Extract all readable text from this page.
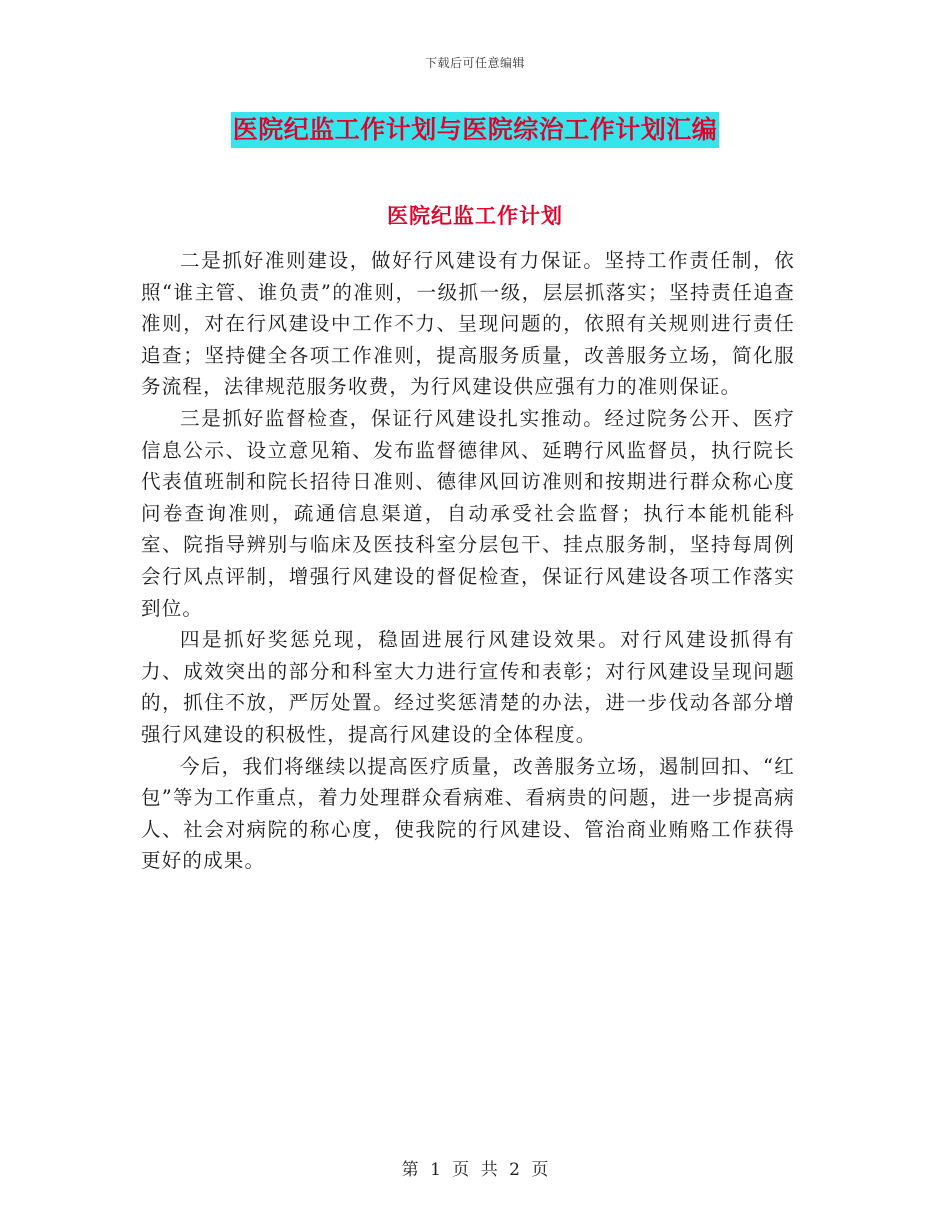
下载后可任意编辑
医院纪监工作计划与医院综治工作计划汇编
医院纪监工作计划

二是抓好准则建设，做好行风建设有力保证。坚持工作责任制，依照“谁主管、谁负责”的准则，一级抓一级，层层抓落实；坚持责任追查准则，对在行风建设中工作不力、呈现问题的，依照有关规则进行责任追查；坚持健全各项工作准则，提高服务质量，改善服务立场，简化服务流程，法律规范服务收费，为行风建设供应强有力的准则保证。

三是抓好监督检查，保证行风建设扎实推动。经过院务公开、医疗信息公示、设立意见箱、发布监督德律风、延聘行风监督员，执行院长代表值班制和院长招待日准则、德律风回访准则和按期进行群众称心度问卷查询准则，疏通信息渠道，自动承受社会监督；执行本能机能科室、院指导辨别与临床及医技科室分层包干、挂点服务制，坚持每周例会行风点评制，增强行风建设的督促检查，保证行风建设各项工作落实到位。

四是抓好奖惩兑现，稳固进展行风建设效果。对行风建设抓得有力、成效突出的部分和科室大力进行宣传和表彰；对行风建设呈现问题的，抓住不放，严厉处置。经过奖惩清楚的办法，进一步伐动各部分增强行风建设的积极性，提高行风建设的全体程度。

今后，我们将继续以提高医疗质量，改善服务立场，遏制回扣、“红包”等为工作重点，着力处理群众看病难、看病贵的问题，进一步提高病人、社会对病院的称心度，使我院的行风建设、管治商业贿赂工作获得更好的成果。

第 1 页 共 2 页
